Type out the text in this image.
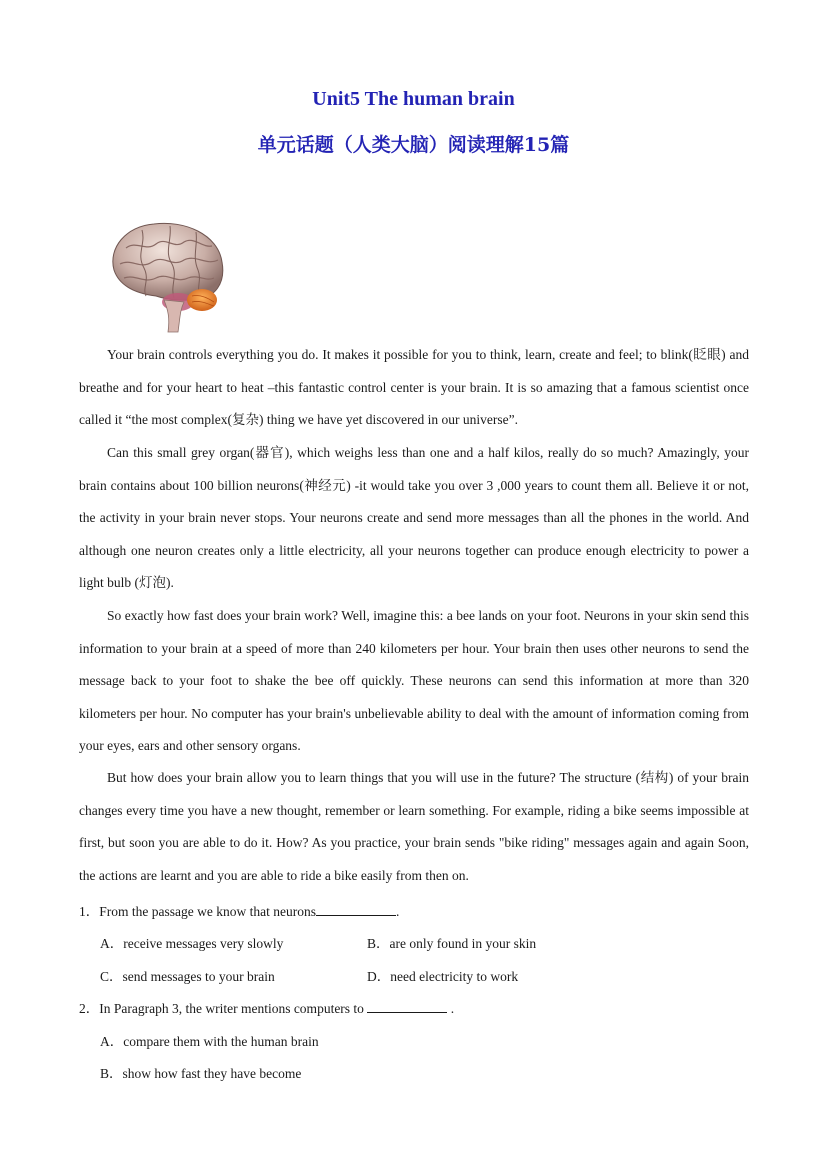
Unit5 The human brain
单元话题（人类大脑）阅读理解15篇

Your brain controls everything you do. It makes it possible for you to think, learn, create and feel; to blink(眨眼) and breathe and for your heart to heat –this fantastic control center is your brain. It is so amazing that a famous scientist once called it “the most complex(复杂) thing we have yet discovered in our universe”.

Can this small grey organ(器官), which weighs less than one and a half kilos, really do so much? Amazingly, your brain contains about 100 billion neurons(神经元) -it would take you over 3 ,000 years to count them all. Believe it or not, the activity in your brain never stops. Your neurons create and send more messages than all the phones in the world. And although one neuron creates only a little electricity, all your neurons together can produce enough electricity to power a light bulb (灯泡).

So exactly how fast does your brain work? Well, imagine this: a bee lands on your foot. Neurons in your skin send this information to your brain at a speed of more than 240 kilometers per hour. Your brain then uses other neurons to send the message back to your foot to shake the bee off quickly. These neurons can send this information at more than 320 kilometers per hour. No computer has your brain's unbelievable ability to deal with the amount of information coming from your eyes, ears and other sensory organs.

But how does your brain allow you to learn things that you will use in the future? The structure (结构) of your brain changes every time you have a new thought, remember or learn something. For example, riding a bike seems impossible at first, but soon you are able to do it. How? As you practice, your brain sends "bike riding" messages again and again Soon, the actions are learnt and you are able to ride a bike easily from then on.

1．From the passage we know that neurons	.

A．receive messages very slowly	B．are only found in your skin

C．send messages to your brain	D．need electricity to work

2．In Paragraph 3, the writer mentions computers to	.

A．compare them with the human brain

B．show how fast they have become
